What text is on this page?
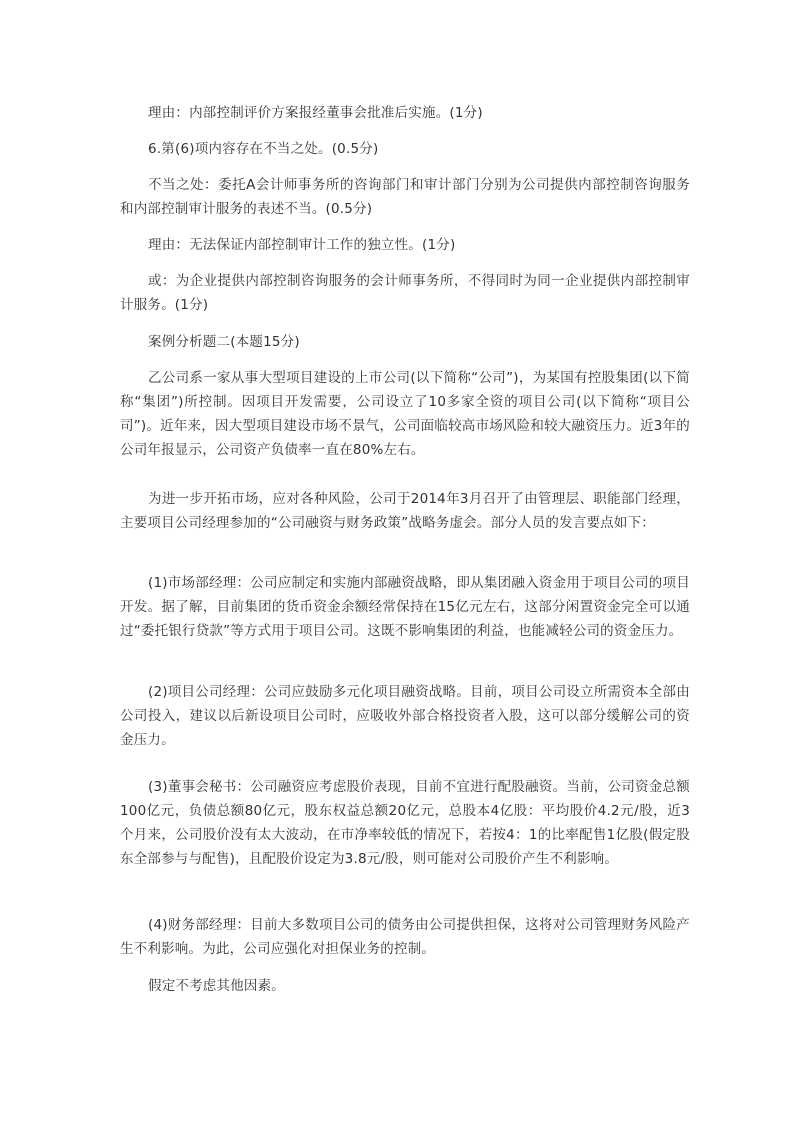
理由：内部控制评价方案报经董事会批准后实施。(1分)

6.第(6)项内容存在不当之处。(0.5分)

不当之处：委托A会计师事务所的咨询部门和审计部门分别为公司提供内部控制咨询服务和内部控制审计服务的表述不当。(0.5分)

理由：无法保证内部控制审计工作的独立性。(1分)

或：为企业提供内部控制咨询服务的会计师事务所，不得同时为同一企业提供内部控制审计服务。(1分)

案例分析题二(本题15分)

乙公司系一家从事大型项目建设的上市公司(以下简称“公司”)，为某国有控股集团(以下简称“集团”)所控制。因项目开发需要，公司设立了10多家全资的项目公司(以下简称“项目公司”)。近年来，因大型项目建设市场不景气，公司面临较高市场风险和较大融资压力。近3年的公司年报显示，公司资产负债率一直在80%左右。

为进一步开拓市场，应对各种风险，公司于2014年3月召开了由管理层、职能部门经理，主要项目公司经理参加的“公司融资与财务政策”战略务虚会。部分人员的发言要点如下：

(1)市场部经理：公司应制定和实施内部融资战略，即从集团融入资金用于项目公司的项目开发。据了解，目前集团的货币资金余额经常保持在15亿元左右，这部分闲置资金完全可以通过“委托银行贷款”等方式用于项目公司。这既不影响集团的利益，也能减轻公司的资金压力。

(2)项目公司经理：公司应鼓励多元化项目融资战略。目前，项目公司设立所需资本全部由公司投入，建议以后新设项目公司时，应吸收外部合格投资者入股，这可以部分缓解公司的资金压力。

(3)董事会秘书：公司融资应考虑股价表现，目前不宜进行配股融资。当前，公司资金总额100亿元，负债总额80亿元，股东权益总额20亿元，总股本4亿股：平均股价4.2元/股，近3个月来，公司股价没有太大波动，在市净率较低的情况下，若按4：1的比率配售1亿股(假定股东全部参与与配售)，且配股价设定为3.8元/股，则可能对公司股价产生不利影响。

(4)财务部经理：目前大多数项目公司的债务由公司提供担保，这将对公司管理财务风险产生不利影响。为此，公司应强化对担保业务的控制。

假定不考虑其他因素。
